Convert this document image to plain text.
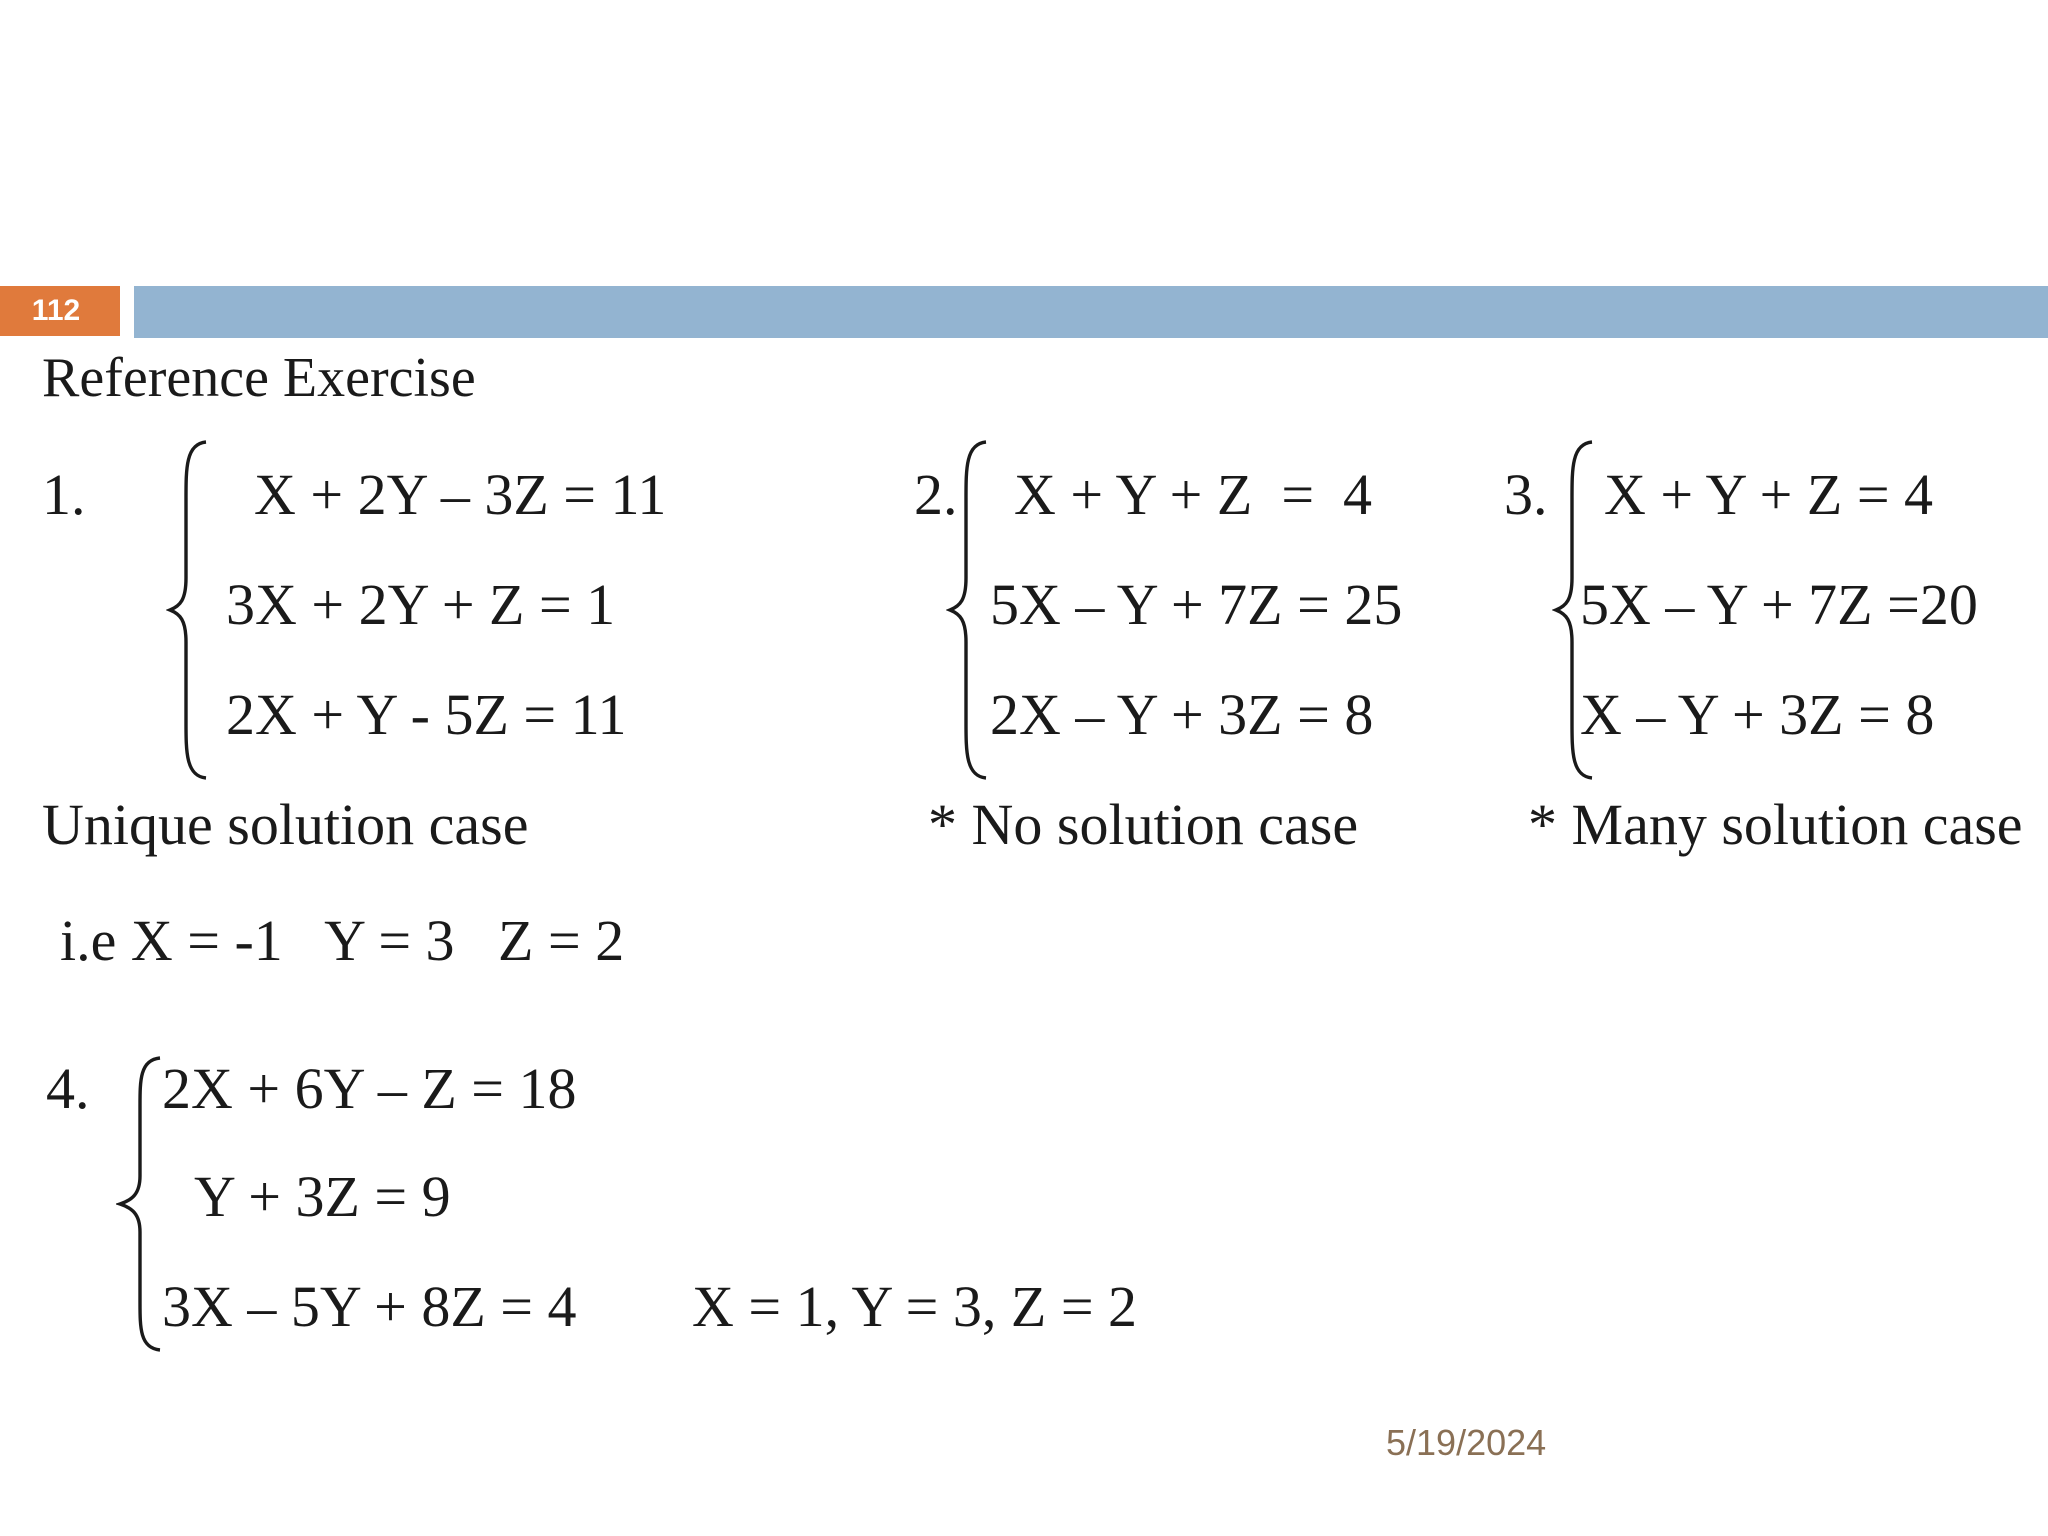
112
Reference Exercise
1.	X + 2Y – 3Z = 11
3X + 2Y + Z = 1
2X + Y - 5Z = 11
Unique solution case
i.e X = -1   Y = 3   Z = 2
2. X + Y + Z  =  4
5X – Y + 7Z = 25
2X – Y + 3Z = 8
* No solution case
3. X + Y + Z = 4
5X – Y + 7Z =20
X – Y + 3Z = 8
* Many solution case
4. 2X + 6Y – Z = 18
Y + 3Z = 9
3X – 5Y + 8Z = 4 X = 1, Y = 3, Z = 2
5/19/2024
